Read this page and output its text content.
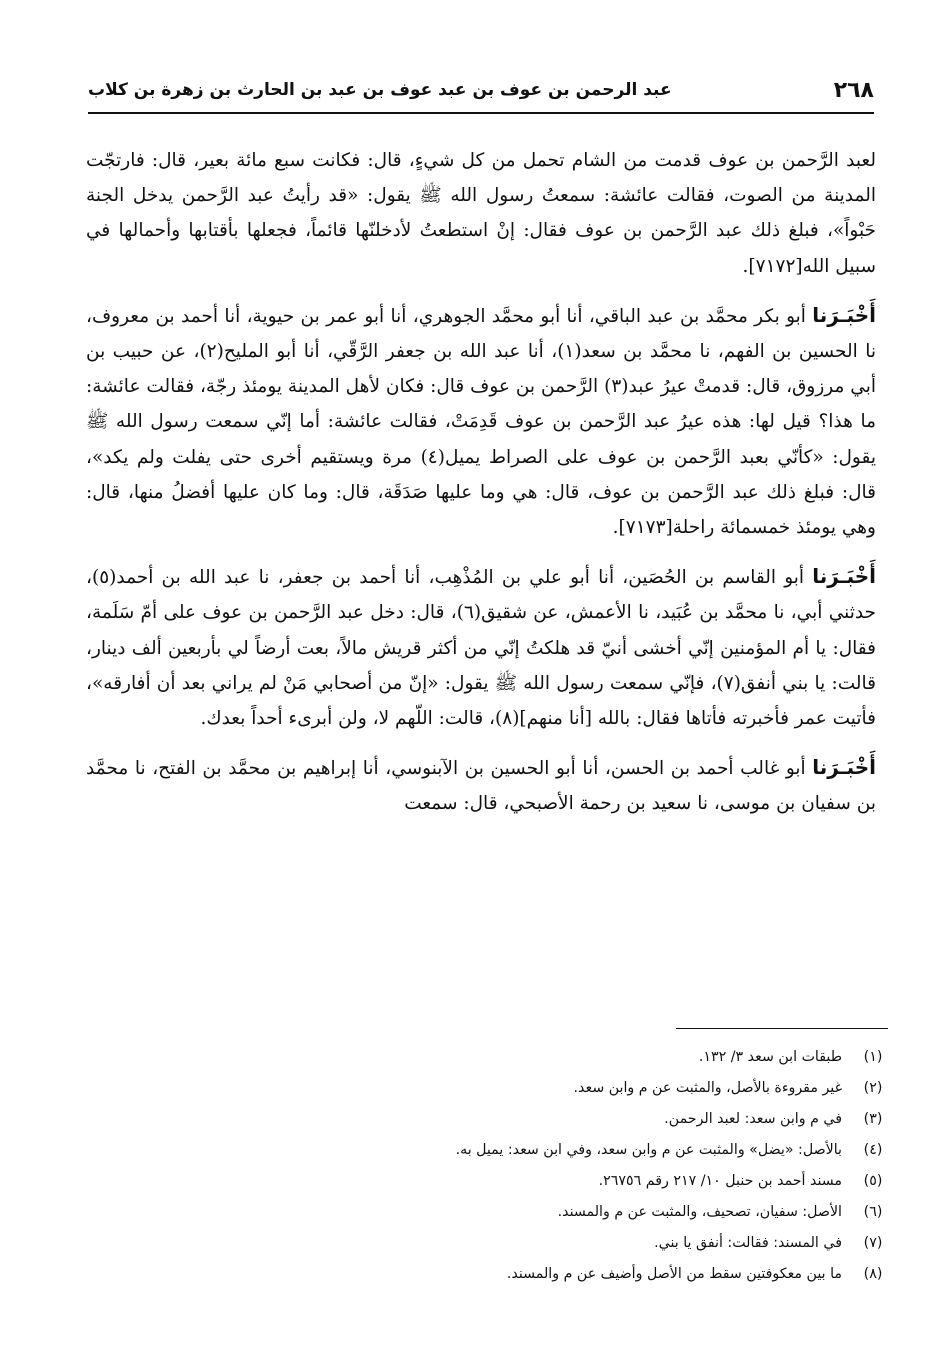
٢٦٨
عبد الرحمن بن عوف بن عبد عوف بن عبد بن الحارث بن زهرة بن كلاب

لعبد الرَّحمن بن عوف قدمت من الشام تحمل من كل شيءٍ، قال: فكانت سبع مائة بعير، قال: فارتجّت المدينة من الصوت، فقالت عائشة: سمعتُ رسول الله ﷺ يقول: «قد رأيتُ عبد الرَّحمن يدخل الجنة حَبْواً»، فبلغ ذلك عبد الرَّحمن بن عوف فقال: إنْ استطعتُ لأدخلنّها قائماً، فجعلها بأقتابها وأحمالها في سبيل الله[٧١٧٢].

أَخْبَـرَنا أبو بكر محمَّد بن عبد الباقي، أنا أبو محمَّد الجوهري، أنا أبو عمر بن حيوية، أنا أحمد بن معروف، نا الحسين بن الفهم، نا محمَّد بن سعد(١)، أنا عبد الله بن جعفر الرَّقّي، أنا أبو المليح(٢)، عن حبيب بن أبي مرزوق، قال: قدمتْ عيرُ عبد(٣) الرَّحمن بن عوف قال: فكان لأهل المدينة يومئذ رجّة، فقالت عائشة: ما هذا؟ قيل لها: هذه عيرُ عبد الرَّحمن بن عوف قَدِمَتْ، فقالت عائشة: أما إنّي سمعت رسول الله ﷺ يقول: «كأنّي بعبد الرَّحمن بن عوف على الصراط يميل(٤) مرة ويستقيم أخرى حتى يفلت ولم يكد»، قال: فبلغ ذلك عبد الرَّحمن بن عوف، قال: هي وما عليها صَدَقَة، قال: وما كان عليها أفضلُ منها، قال: وهي يومئذ خمسمائة راحلة[٧١٧٣].

أَخْبَـرَنا أبو القاسم بن الحُصَين، أنا أبو علي بن المُذْهِب، أنا أحمد بن جعفر، نا عبد الله بن أحمد(٥)، حدثني أبي، نا محمَّد بن عُبَيد، نا الأعمش، عن شقيق(٦)، قال: دخل عبد الرَّحمن بن عوف على أمّ سَلَمة، فقال: يا أم المؤمنين إنّي أخشى أنيّ قد هلكتُ إنّي من أكثر قريش مالاً، بعت أرضاً لي بأربعين ألف دينار، قالت: يا بني أنفق(٧)، فإنّي سمعت رسول الله ﷺ يقول: «إنّ من أصحابي مَنْ لم يراني بعد أن أفارقه»، فأتيت عمر فأخبرته فأتاها فقال: بالله [أنا منهم](٨)، قالت: اللّهم لا، ولن أبرىء أحداً بعدك.

أَخْبَـرَنا أبو غالب أحمد بن الحسن، أنا أبو الحسين بن الآبنوسي، أنا إبراهيم بن محمَّد بن الفتح، نا محمَّد بن سفيان بن موسى، نا سعيد بن رحمة الأصبحي، قال: سمعت

(١)
طبقات ابن سعد ٣/ ١٣٢.
(٢)
غير مقروءة بالأصل، والمثبت عن م وابن سعد.
(٣)
في م وابن سعد: لعبد الرحمن.
(٤)
بالأصل: «يضل» والمثبت عن م وابن سعد، وفي ابن سعد: يميل به.
(٥)
مسند أحمد بن حنبل ١٠/ ٢١٧ رقم ٢٦٧٥٦.
(٦)
الأصل: سفيان، تصحيف، والمثبت عن م والمسند.
(٧)
في المسند: فقالت: أنفق يا بني.
(٨)
ما بين معكوفتين سقط من الأصل وأضيف عن م والمسند.
